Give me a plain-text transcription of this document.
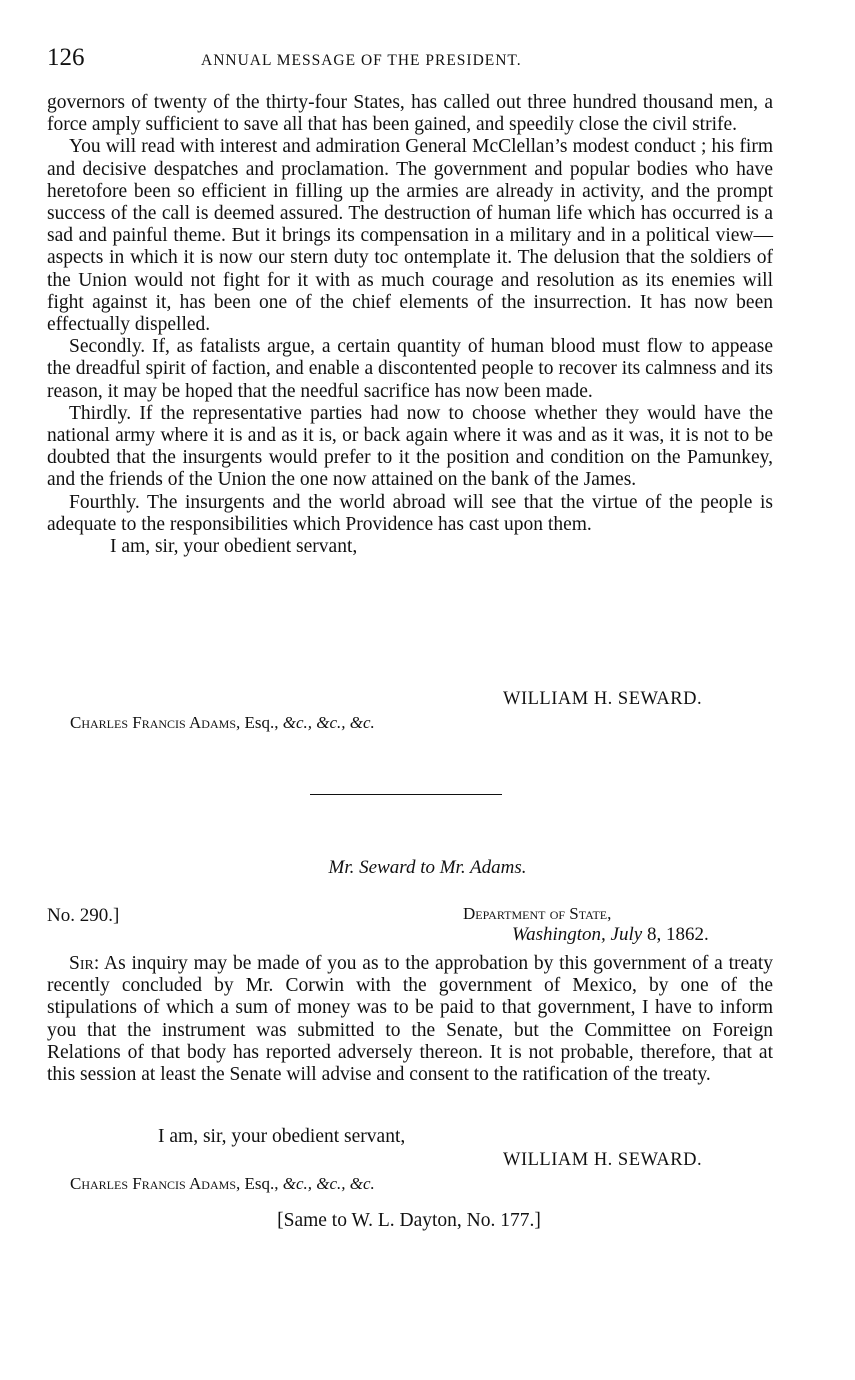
126	ANNUAL MESSAGE OF THE PRESIDENT.

governors of twenty of the thirty-four States, has called out three hundred thousand men, a force amply sufficient to save all that has been gained, and speedily close the civil strife.

You will read with interest and admiration General McClellan’s modest conduct ; his firm and decisive despatches and proclamation. The government and popular bodies who have heretofore been so efficient in filling up the armies are already in activity, and the prompt success of the call is deemed assured. The destruction of human life which has occurred is a sad and painful theme. But it brings its compensation in a military and in a political view—aspects in which it is now our stern duty toc ontemplate it. The delusion that the soldiers of the Union would not fight for it with as much courage and resolution as its enemies will fight against it, has been one of the chief elements of the insurrection. It has now been effectually dispelled.

Secondly. If, as fatalists argue, a certain quantity of human blood must flow to appease the dreadful spirit of faction, and enable a discontented people to recover its calmness and its reason, it may be hoped that the needful sacrifice has now been made.

Thirdly. If the representative parties had now to choose whether they would have the national army where it is and as it is, or back again where it was and as it was, it is not to be doubted that the insurgents would prefer to it the position and condition on the Pamunkey, and the friends of the Union the one now attained on the bank of the James.

Fourthly. The insurgents and the world abroad will see that the virtue of the people is adequate to the responsibilities which Providence has cast upon them.

I am, sir, your obedient servant,

WILLIAM H. SEWARD.
Charles Francis Adams, Esq., &c., &c., &c.
Mr. Seward to Mr. Adams.
No. 290.]	Department of State,
Washington, July 8, 1862.

Sir: As inquiry may be made of you as to the approbation by this government of a treaty recently concluded by Mr. Corwin with the government of Mexico, by one of the stipulations of which a sum of money was to be paid to that government, I have to inform you that the instrument was submitted to the Senate, but the Committee on Foreign Relations of that body has reported adversely thereon. It is not probable, therefore, that at this session at least the Senate will advise and consent to the ratification of the treaty.

I am, sir, your obedient servant,
WILLIAM H. SEWARD.
Charles Francis Adams, Esq., &c., &c., &c.
[Same to W. L. Dayton, No. 177.]
